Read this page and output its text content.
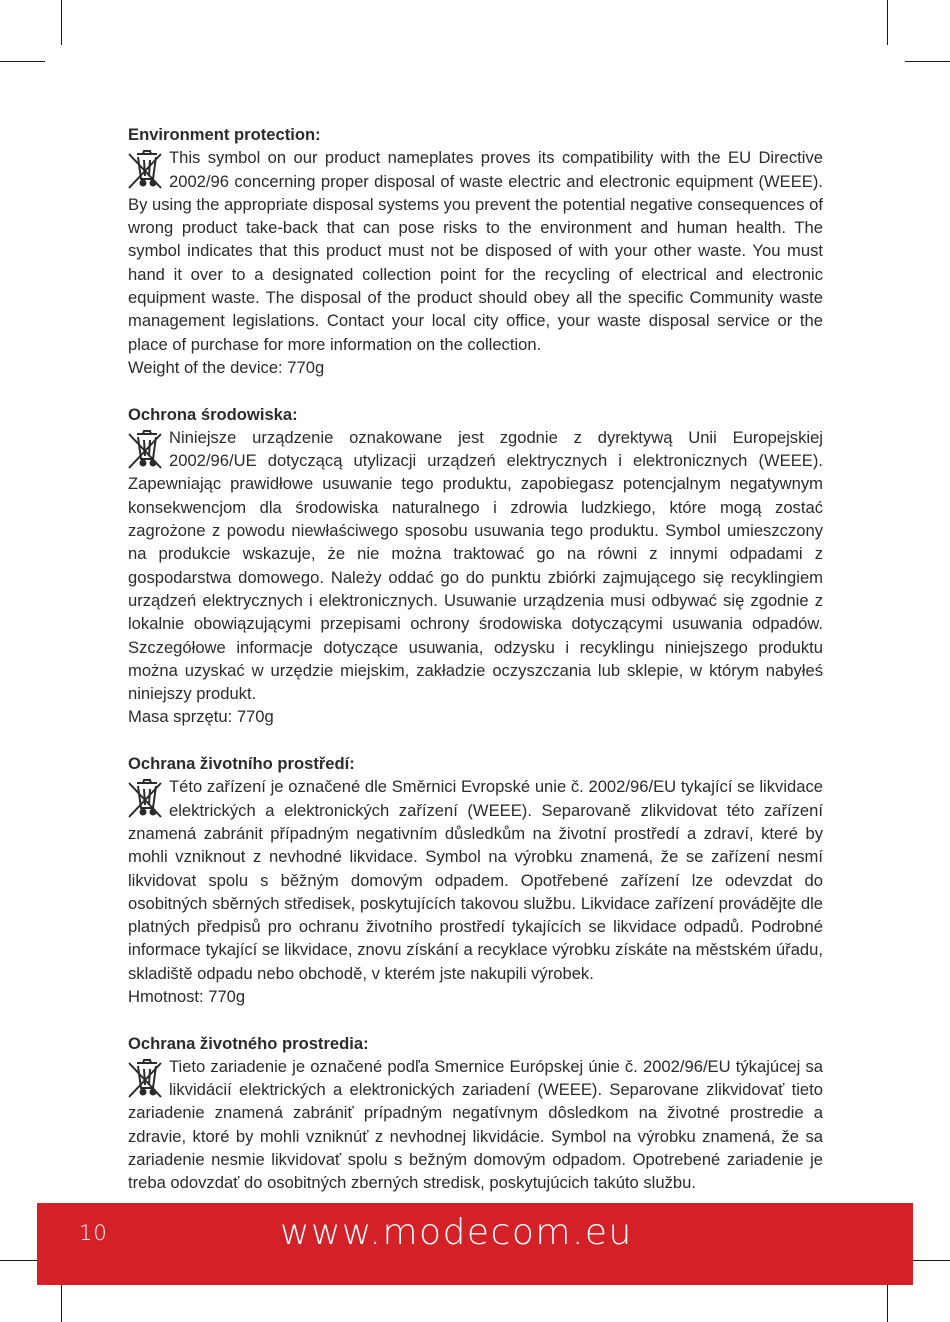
Environment protection:
This symbol on our product nameplates proves its compatibility with the EU Directive 2002/96 concerning proper disposal of waste electric and electronic equipment (WEEE). By using the appropriate disposal systems you prevent the potential negative consequences of wrong product take-back that can pose risks to the environment and human health. The symbol indicates that this product must not be disposed of with your other waste. You must hand it over to a designated collection point for the recycling of electrical and electronic equipment waste. The disposal of the product should obey all the specific Community waste management legislations. Contact your local city office, your waste disposal service or the place of purchase for more information on the collection.
Weight of the device: 770g
Ochrona środowiska:
Niniejsze urządzenie oznakowane jest zgodnie z dyrektywą Unii Europejskiej 2002/96/UE dotyczącą utylizacji urządzeń elektrycznych i elektronicznych (WEEE). Zapewniając prawidłowe usuwanie tego produktu, zapobiegasz potencjalnym negatywnym konsekwencjom dla środowiska naturalnego i zdrowia ludzkiego, które mogą zostać zagrożone z powodu niewłaściwego sposobu usuwania tego produktu. Symbol umieszczony na produkcie wskazuje, że nie można traktować go na równi z innymi odpadami z gospodarstwa domowego. Należy oddać go do punktu zbiórki zajmującego się recyklingiem urządzeń elektrycznych i elektronicznych. Usuwanie urządzenia musi odbywać się zgodnie z lokalnie obowiązującymi przepisami ochrony środowiska dotyczącymi usuwania odpadów. Szczegółowe informacje dotyczące usuwania, odzysku i recyklingu niniejszego produktu można uzyskać w urzędzie miejskim, zakładzie oczyszczania lub sklepie, w którym nabyłeś niniejszy produkt.
Masa sprzętu: 770g
Ochrana životního prostředí:
Této zařízení je označené dle Směrnici Evropské unie č. 2002/96/EU tykající se likvidace elektrických a elektronických zařízení (WEEE). Separovaně zlikvidovat této zařízení znamená zabránit případným negativním důsledkům na životní prostředí a zdraví, které by mohli vzniknout z nevhodné likvidace. Symbol na výrobku znamená, že se zařízení nesmí likvidovat spolu s běžným domovým odpadem. Opotřebené zařízení lze odevzdat do osobitných sběrných středisek, poskytujících takovou službu. Likvidace zařízení provádějte dle platných předpisů pro ochranu životního prostředí tykajících se likvidace odpadů. Podrobné informace tykající se likvidace, znovu získání a recyklace výrobku získáte na městském úřadu, skladiště odpadu nebo obchodě, v kterém jste nakupili výrobek.
Hmotnost: 770g
Ochrana životného prostredia:
Tieto zariadenie je označené podľa Smernice Európskej únie č. 2002/96/EU týkajúcej sa likvidácií elektrických a elektronických zariadení (WEEE). Separovane zlikvidovať tieto zariadenie znamená zabrániť prípadným negatívnym dôsledkom na životné prostredie a zdravie, ktoré by mohli vzniknúť z nevhodnej likvidácie. Symbol na výrobku znamená, že sa zariadenie nesmie likvidovať spolu s bežným domovým odpadom. Opotrebené zariadenie je treba odovzdať do osobitných zberných stredisk, poskytujúcich takúto službu.
10	www.modecom.eu
